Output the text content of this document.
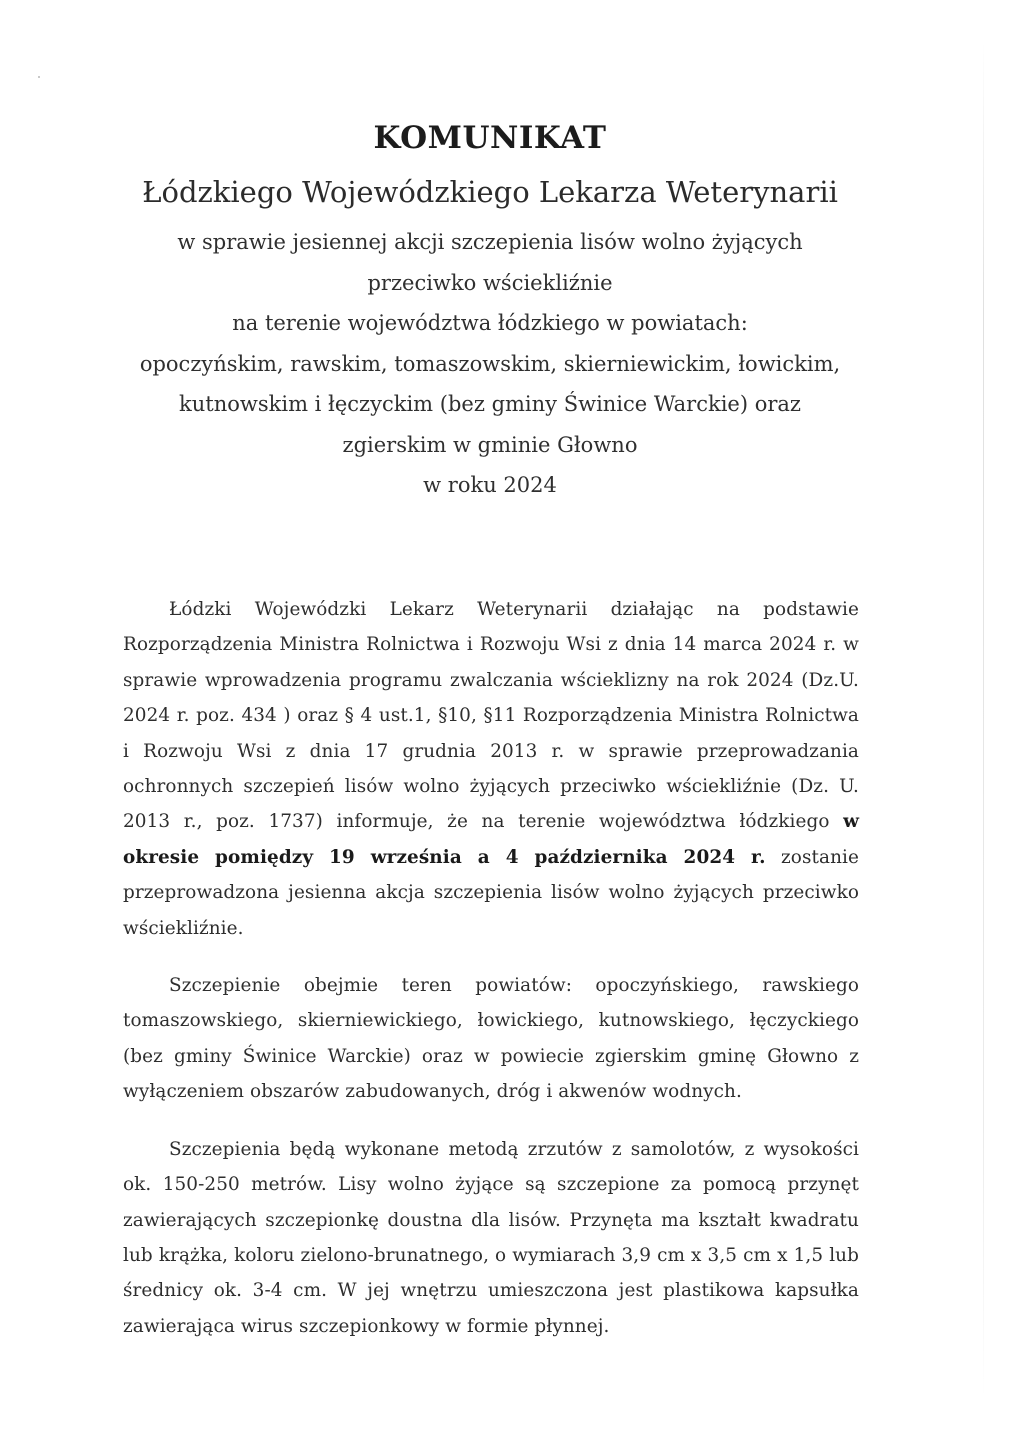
KOMUNIKAT
Łódzkiego Wojewódzkiego Lekarza Weterynarii

w sprawie jesiennej akcji szczepienia lisów wolno żyjących

przeciwko wściekliźnie

na terenie województwa łódzkiego w powiatach:

opoczyńskim, rawskim, tomaszowskim, skierniewickim, łowickim,

kutnowskim i łęczyckim (bez gminy Świnice Warckie) oraz

zgierskim w gminie Głowno

w roku 2024

Łódzki Wojewódzki Lekarz Weterynarii działając na podstawie Rozporządzenia Ministra Rolnictwa i Rozwoju Wsi z dnia 14 marca 2024 r. w sprawie wprowadzenia programu zwalczania wścieklizny na rok 2024 (Dz.U. 2024 r. poz. 434 ) oraz § 4 ust.1, §10, §11 Rozporządzenia Ministra Rolnictwa i Rozwoju Wsi z dnia 17 grudnia 2013 r. w sprawie przeprowadzania ochronnych szczepień lisów wolno żyjących przeciwko wściekliźnie (Dz. U. 2013 r., poz. 1737) informuje, że na terenie województwa łódzkiego w okresie pomiędzy 19 września a 4 października 2024 r. zostanie przeprowadzona jesienna akcja szczepienia lisów wolno żyjących przeciwko wściekliźnie.

Szczepienie obejmie teren powiatów: opoczyńskiego, rawskiego tomaszowskiego, skierniewickiego, łowickiego, kutnowskiego, łęczyckiego (bez gminy Świnice Warckie) oraz w powiecie zgierskim gminę Głowno z wyłączeniem obszarów zabudowanych, dróg i akwenów wodnych.

Szczepienia będą wykonane metodą zrzutów z samolotów, z wysokości ok. 150-250 metrów. Lisy wolno żyjące są szczepione za pomocą przynęt zawierających szczepionkę doustna dla lisów. Przynęta ma kształt kwadratu lub krążka, koloru zielono-brunatnego, o wymiarach 3,9 cm x 3,5 cm x 1,5 lub średnicy ok. 3-4 cm. W jej wnętrzu umieszczona jest plastikowa kapsułka zawierająca wirus szczepionkowy w formie płynnej.
